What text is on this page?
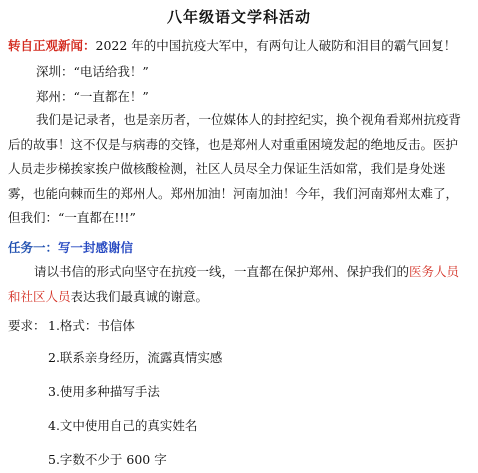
八年级语文学科活动
转自正观新闻：2022 年的中国抗疫大军中，有两句让人破防和泪目的霸气回复！
深圳：“电话给我！”
郑州：“一直都在！”
我们是记录者，也是亲历者，一位媒体人的封控纪实，换个视角看郑州抗疫背后的故事！这不仅是与病毒的交锋，也是郑州人对重重困境发起的绝地反击。医护人员走步梯挨家挨户做核酸检测，社区人员尽全力保证生活如常，我们是身处迷雾，也能向棘而生的郑州人。郑州加油！河南加油！今年，我们河南郑州太难了，但我们：“一直都在!!!”
任务一：写一封感谢信
请以书信的形式向坚守在抗疫一线，一直都在保护郑州、保护我们的医务人员和社区人员表达我们最真诚的谢意。
要求： 1.格式：书信体
2.联系亲身经历，流露真情实感
3.使用多种描写手法
4.文中使用自己的真实姓名
5.字数不少于 600 字
